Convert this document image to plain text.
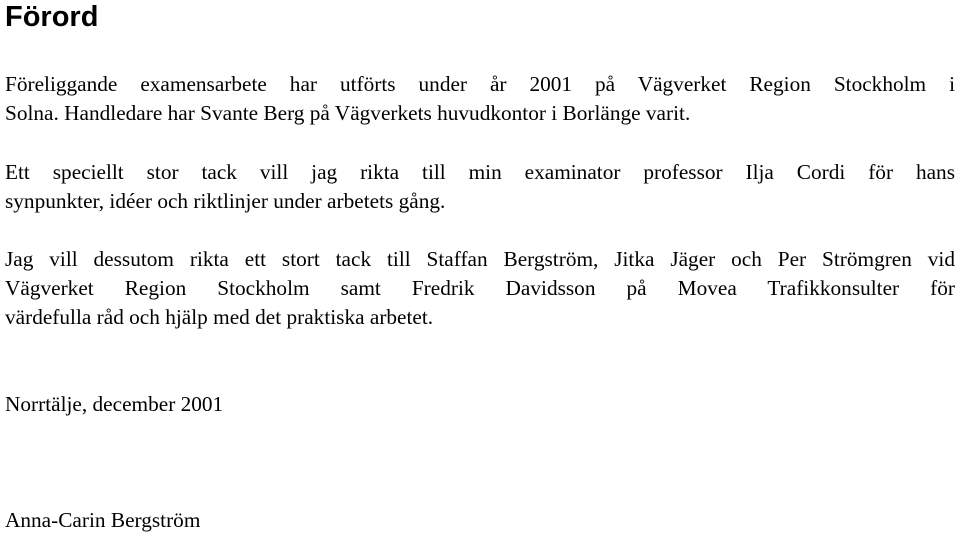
Förord
Föreliggande examensarbete har utförts under år 2001 på Vägverket Region Stockholm i
Solna. Handledare har Svante Berg på Vägverkets huvudkontor i Borlänge varit.
Ett speciellt stor tack vill jag rikta till min examinator professor Ilja Cordi för hans
synpunkter, idéer och riktlinjer under arbetets gång.
Jag vill dessutom rikta ett stort tack till Staffan Bergström, Jitka Jäger och Per Strömgren vid
Vägverket Region Stockholm samt Fredrik Davidsson på Movea Trafikkonsulter för
värdefulla råd och hjälp med det praktiska arbetet.
Norrtälje, december 2001
Anna-Carin Bergström
